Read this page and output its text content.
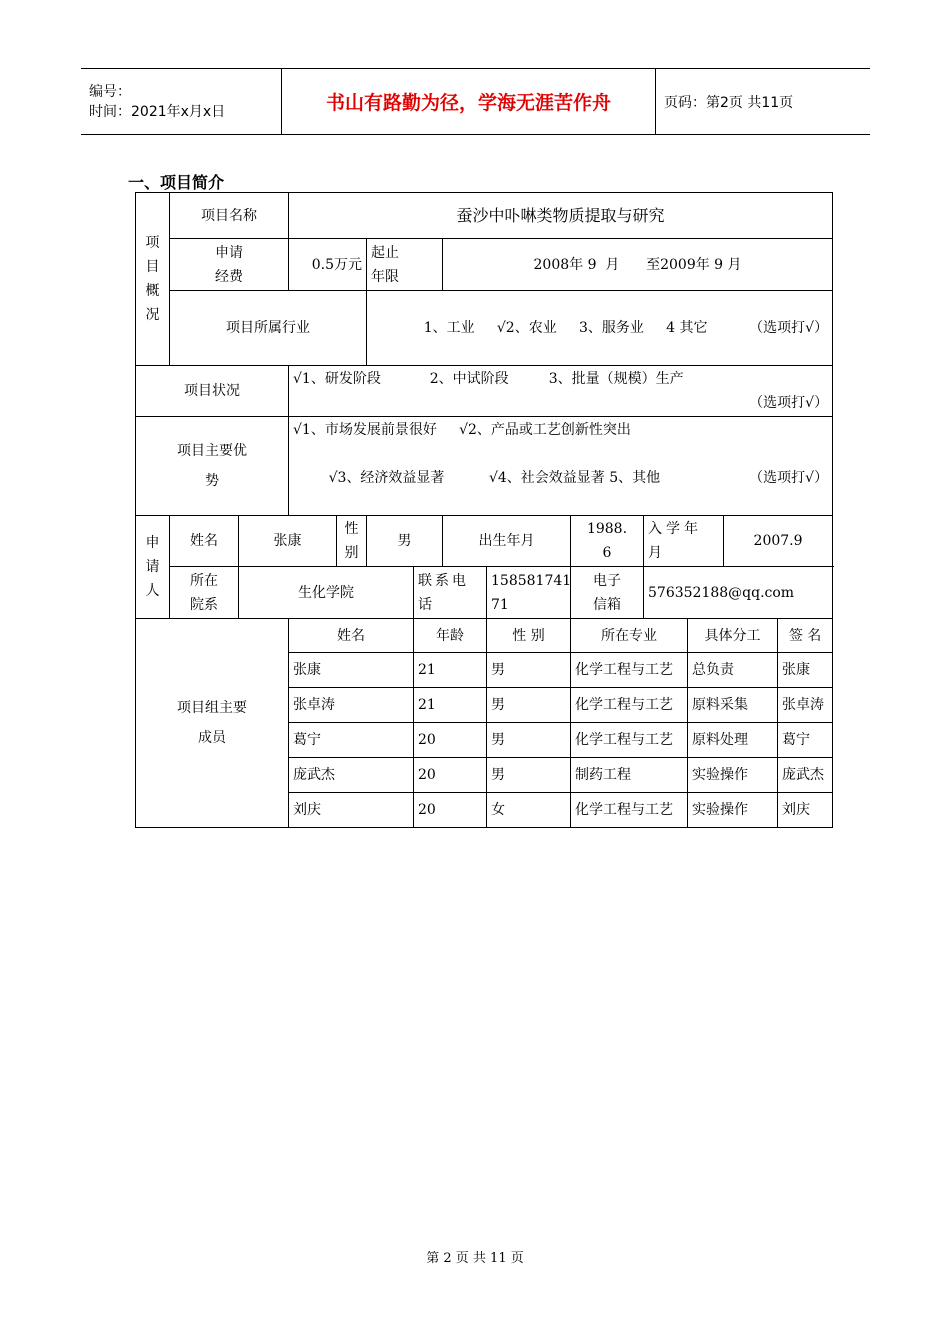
编号：
时间：2021年x月x日	书山有路勤为径，学海无涯苦作舟	页码：第2页 共11页
一、项目简介
项目概况	项目名称		蚕沙中卟啉类物质提取与研究										
	申请经费		0.5万元		起止年限		2008年 9  月      至2009年 9 月						
	项目所属行业				1、工业     √2、农业     3、服务业     4 其它 （选项打√）								

项目状况			√1、研发阶段           2、中试阶段         3、批量（规模）生产
（选项打√）										

项目主要优势			√1、市场发展前景很好     √2、产品或工艺创新性突出

√3、经济效益显著          √4、社会效益显著 5、其他 （选项打√）										

申请人	姓名	张康		性别	男		出生年月		1988.6	入学年月		2007.9	
	所在院系	生化学院				联系电话		15858174171	电子信箱	576352188@qq.com			
项目组主要成员			姓名			年龄		性 别	所在专业		具体分工		签 名
			张康			21		男	化学工程与工艺		总负责		张康
			张卓涛			21		男	化学工程与工艺		原料采集		张卓涛
			葛宁			20		男	化学工程与工艺		原料处理		葛宁
			庞武杰			20		男	制药工程		实验操作		庞武杰
			刘庆			20		女	化学工程与工艺		实验操作		刘庆
第 2 页 共 11 页
